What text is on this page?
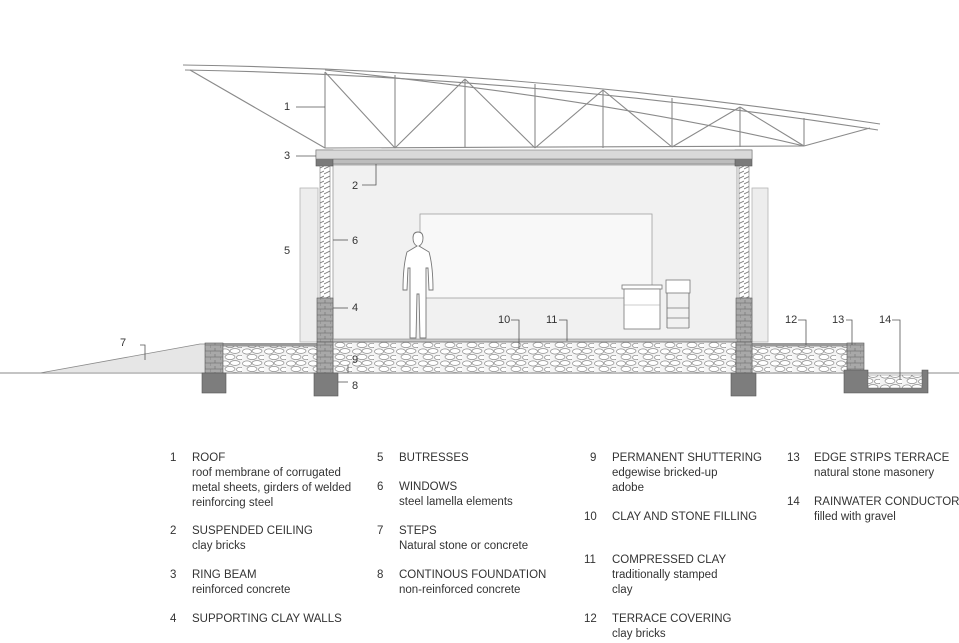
1
2
3
4
5
6
7
8
9
10	11	12	13	14
1	ROOF
roof membrane of corrugated
metal sheets, girders of welded
reinforcing steel
2	SUSPENDED CEILING
clay bricks
3	RING BEAM
reinforced concrete
4	SUPPORTING CLAY WALLS
5	BUTRESSES
6	WINDOWS
steel lamella elements
7	STEPS
Natural stone or concrete
8	CONTINOUS FOUNDATION
non-reinforced concrete
9	PERMANENT SHUTTERING
edgewise bricked-up
adobe
10	CLAY AND STONE FILLING
11	COMPRESSED CLAY
traditionally stamped
clay
12	TERRACE COVERING
clay bricks
13	EDGE STRIPS TERRACE
natural stone masonery
14	RAINWATER CONDUCTOR
filled with gravel
